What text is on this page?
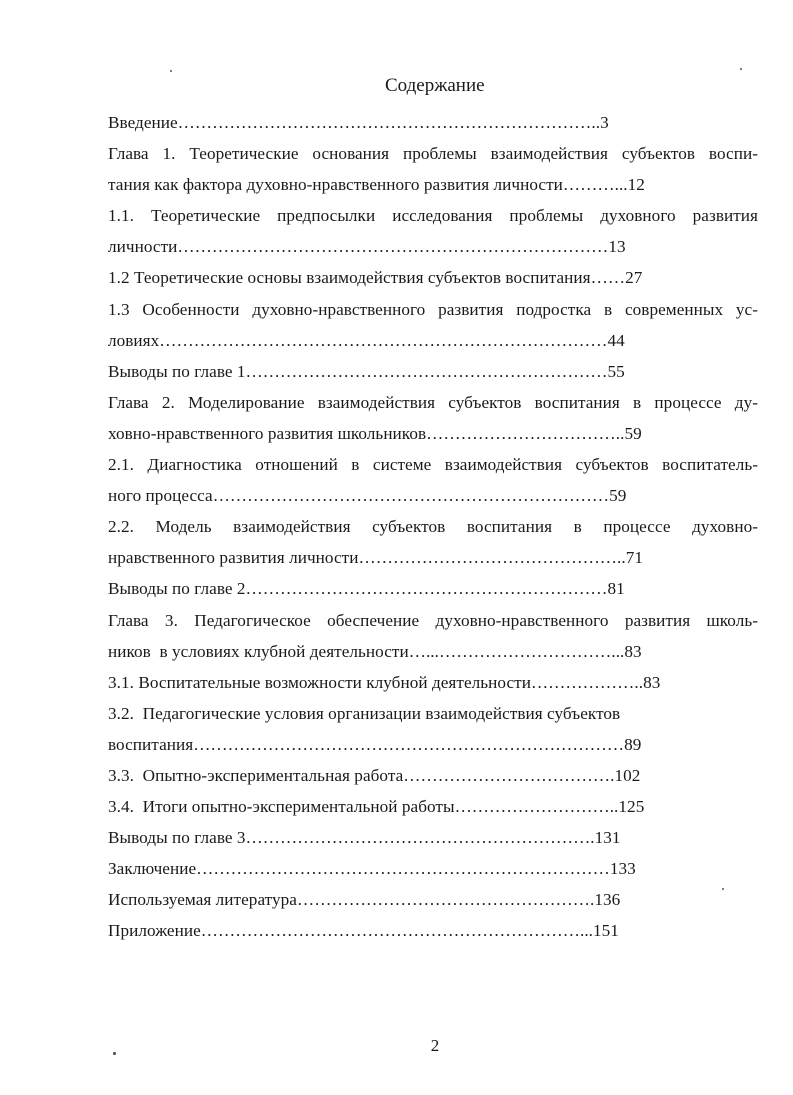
Содержание
Введение………………………………………………………………..3
Глава 1. Теоретические основания проблемы взаимодействия субъектов воспи-
тания как фактора духовно-нравственного развития личности………...12
1.1. Теоретические предпосылки исследования проблемы духовного развития
личности…………………………………………………………………13
1.2 Теоретические основы взаимодействия субъектов воспитания……27
1.3 Особенности духовно-нравственного развития подростка в современных ус-
ловиях……………………………………………………………………44
Выводы по главе 1………………………………………………………55
Глава 2. Моделирование взаимодействия субъектов воспитания в процессе ду-
ховно-нравственного развития школьников……………………………..59
2.1. Диагностика отношений в системе взаимодействия субъектов воспитатель-
ного процесса……………………………………………………………59
2.2. Модель взаимодействия субъектов воспитания в процессе духовно-
нравственного развития личности………………………………………..71
Выводы по главе 2………………………………………………………81
Глава 3. Педагогическое обеспечение духовно-нравственного развития школь-
ников  в условиях клубной деятельности…...…………………………...83
3.1. Воспитательные возможности клубной деятельности………………..83
3.2.  Педагогические условия организации взаимодействия субъектов
воспитания…………………………………………………………………89
3.3.  Опытно-экспериментальная работа……………………………….102
3.4.  Итоги опытно-экспериментальной работы………………………..125
Выводы по главе 3…………………………………………………….131
Заключение………………………………………………………………133
Используемая литература…………………………………………….136
Приложение…………………………………………………………...151
2
